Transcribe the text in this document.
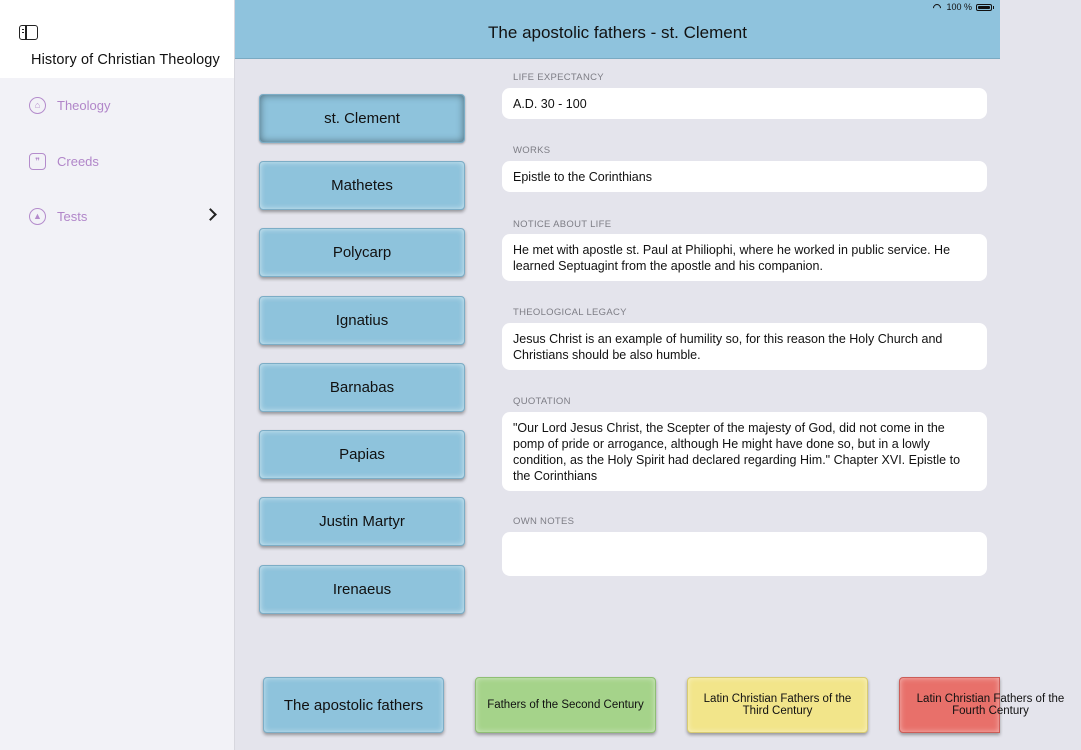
History of Christian Theology
⌂	Theology
❞	Creeds
▲ Tests
The apostolic fathers - st. Clement
100 %
st. Clement
Mathetes
Polycarp
Ignatius
Barnabas
Papias
Justin Martyr
Irenaeus
LIFE EXPECTANCY
A.D. 30 - 100
WORKS
Epistle to the Corinthians
NOTICE ABOUT LIFE
He met with apostle st. Paul at Philiophi, where he worked in public service. He learned Septuagint from the apostle and his companion.
THEOLOGICAL LEGACY
Jesus Christ is an example of humility so, for this reason the Holy Church and Christians should be also humble.
QUOTATION
"Our Lord Jesus Christ, the Scepter of the majesty of God, did not come in the pomp of pride or arrogance, although He might have done so, but in a lowly condition, as the Holy Spirit had declared regarding Him." Chapter XVI. Epistle to the Corinthians
OWN NOTES
The apostolic fathers	Fathers of the Second Century	Latin Christian Fathers of the Third Century
Latin Christian Fathers of the Fourth Century
